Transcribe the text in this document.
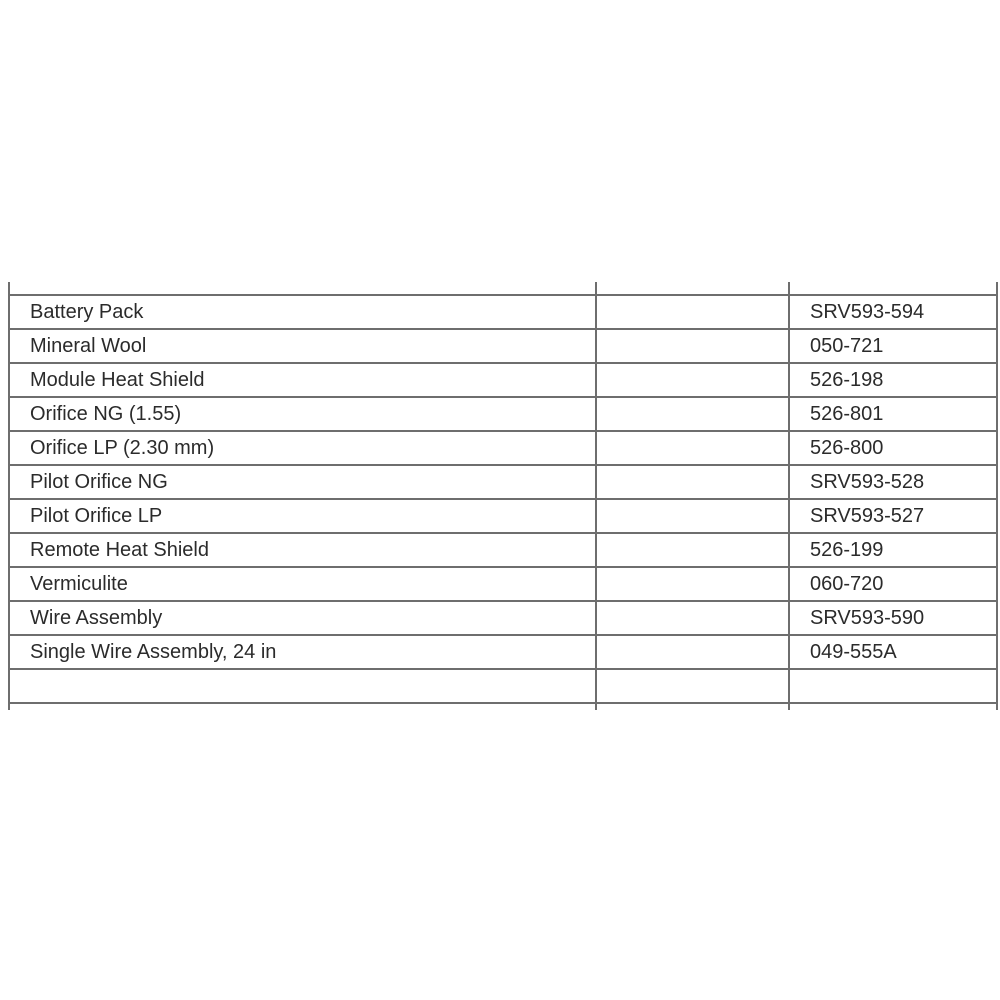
Battery Pack		SRV593-594
Mineral Wool		050-721
Module Heat Shield		526-198
Orifice NG (1.55)		526-801
Orifice LP (2.30 mm)		526-800
Pilot Orifice NG		SRV593-528
Pilot Orifice LP		SRV593-527
Remote Heat Shield		526-199
Vermiculite		060-720
Wire Assembly		SRV593-590
Single Wire Assembly, 24 in		049-555A
